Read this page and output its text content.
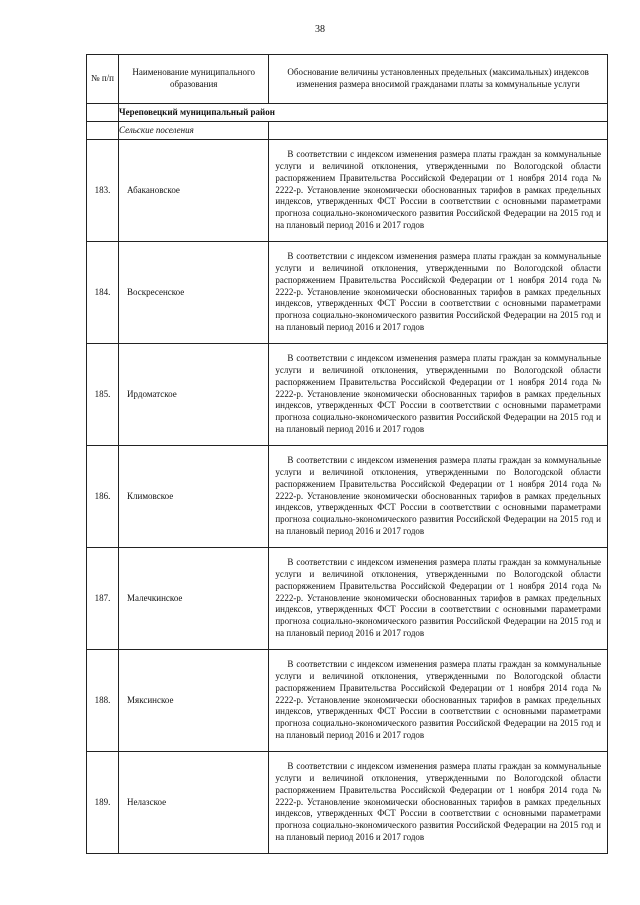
38
№ п/п	Наименование муниципального образования	Обоснование величины установленных предельных (максимальных) индексов изменения размера вносимой гражданами платы за коммунальные услуги

	Череповецкий муниципальный район	
	Сельские поселения	
183.	Абакановское	В соответствии с индексом изменения размера платы граждан за коммунальные услуги и величиной отклонения, утвержденными по Вологодской области распоряжением Правительства Российской Федерации от 1 ноября 2014 года № 2222-р. Установление экономически обоснованных тарифов в рамках предельных индексов, утвержденных ФСТ России в соответствии с основными параметрами прогноза социально-экономического развития Российской Федерации на 2015 год и на плановый период 2016 и 2017 годов
184.	Воскресенское	В соответствии с индексом изменения размера платы граждан за коммунальные услуги и величиной отклонения, утвержденными по Вологодской области распоряжением Правительства Российской Федерации от 1 ноября 2014 года № 2222-р. Установление экономически обоснованных тарифов в рамках предельных индексов, утвержденных ФСТ России в соответствии с основными параметрами прогноза социально-экономического развития Российской Федерации на 2015 год и на плановый период 2016 и 2017 годов
185.	Ирдоматское	В соответствии с индексом изменения размера платы граждан за коммунальные услуги и величиной отклонения, утвержденными по Вологодской области распоряжением Правительства Российской Федерации от 1 ноября 2014 года № 2222-р. Установление экономически обоснованных тарифов в рамках предельных индексов, утвержденных ФСТ России в соответствии с основными параметрами прогноза социально-экономического развития Российской Федерации на 2015 год и на плановый период 2016 и 2017 годов
186.	Климовское	В соответствии с индексом изменения размера платы граждан за коммунальные услуги и величиной отклонения, утвержденными по Вологодской области распоряжением Правительства Российской Федерации от 1 ноября 2014 года № 2222-р. Установление экономически обоснованных тарифов в рамках предельных индексов, утвержденных ФСТ России в соответствии с основными параметрами прогноза социально-экономического развития Российской Федерации на 2015 год и на плановый период 2016 и 2017 годов
187.	Малечкинское	В соответствии с индексом изменения размера платы граждан за коммунальные услуги и величиной отклонения, утвержденными по Вологодской области распоряжением Правительства Российской Федерации от 1 ноября 2014 года № 2222-р. Установление экономически обоснованных тарифов в рамках предельных индексов, утвержденных ФСТ России в соответствии с основными параметрами прогноза социально-экономического развития Российской Федерации на 2015 год и на плановый период 2016 и 2017 годов
188.	Мяксинское	В соответствии с индексом изменения размера платы граждан за коммунальные услуги и величиной отклонения, утвержденными по Вологодской области распоряжением Правительства Российской Федерации от 1 ноября 2014 года № 2222-р. Установление экономически обоснованных тарифов в рамках предельных индексов, утвержденных ФСТ России в соответствии с основными параметрами прогноза социально-экономического развития Российской Федерации на 2015 год и на плановый период 2016 и 2017 годов
189.	Нелазское	В соответствии с индексом изменения размера платы граждан за коммунальные услуги и величиной отклонения, утвержденными по Вологодской области распоряжением Правительства Российской Федерации от 1 ноября 2014 года № 2222-р. Установление экономически обоснованных тарифов в рамках предельных индексов, утвержденных ФСТ России в соответствии с основными параметрами прогноза социально-экономического развития Российской Федерации на 2015 год и на плановый период 2016 и 2017 годов
